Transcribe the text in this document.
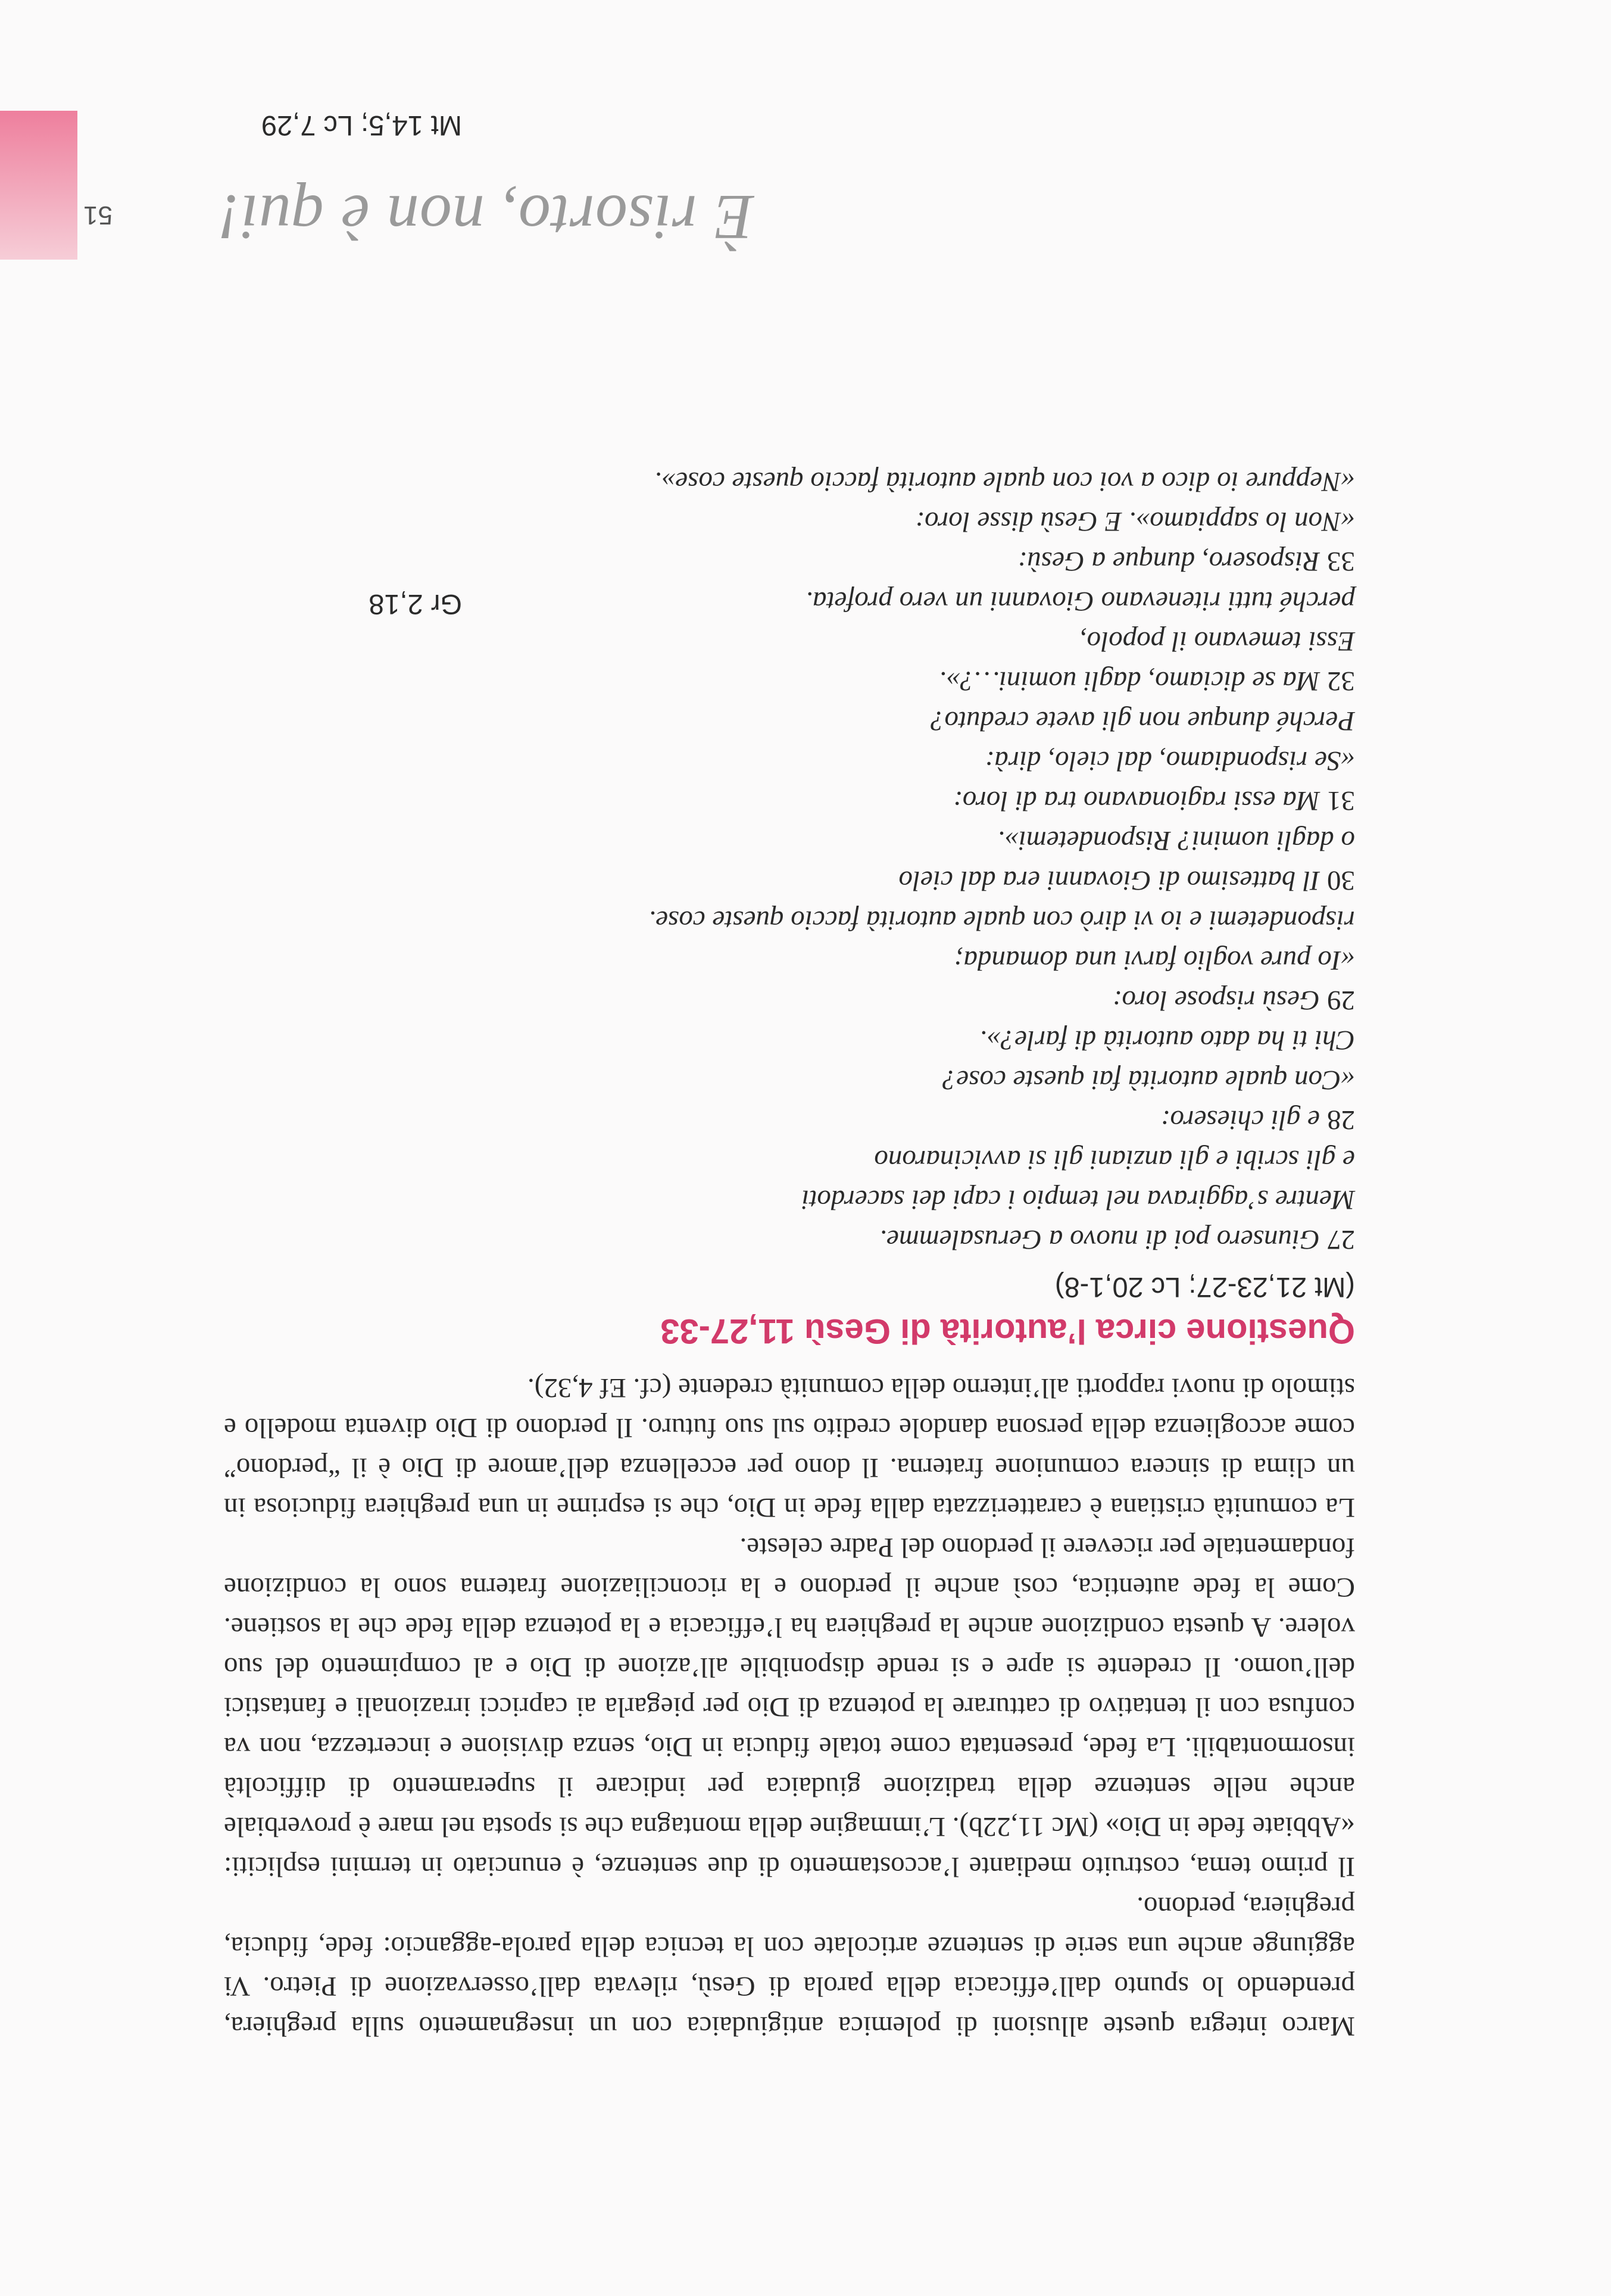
È risorto, non è qui!
51

Marco integra queste allusioni di polemica antigiudaica con un insegnamento sulla preghiera, prendendo lo spunto dall’efficacia della parola di Gesù, rilevata dall’osservazione di Pietro. Vi aggiunge anche una serie di sentenze articolate con la tecnica della parola-aggancio: fede, fiducia, preghiera, perdono.

Il primo tema, costruito mediante l’accostamento di due sentenze, è enunciato in termini espliciti: «Abbiate fede in Dio» (Mc 11,22b). L’immagine della montagna che si sposta nel mare è proverbiale anche nelle sentenze della tradizione giudaica per indicare il superamento di difficoltà insormontabili. La fede, presentata come totale fiducia in Dio, senza divisione e incertezza, non va confusa con il tentativo di catturare la potenza di Dio per piegarla ai capricci irrazionali e fantastici dell’uomo. Il credente si apre e si rende disponibile all’azione di Dio e al compimento del suo volere. A questa condizione anche la preghiera ha l’efficacia e la potenza della fede che la sostiene. Come la fede autentica, così anche il perdono e la riconciliazione fraterna sono la condizione fondamentale per ricevere il perdono del Padre celeste.

La comunità cristiana è caratterizzata dalla fede in Dio, che si esprime in una preghiera fiduciosa in un clima di sincera comunione fraterna. Il dono per eccellenza dell’amore di Dio è il “perdono” come accoglienza della persona dandole credito sul suo futuro. Il perdono di Dio diventa modello e stimolo di nuovi rapporti all’interno della comunità credente (cf. Ef 4,32).

Questione circa l’autorità di Gesù 11,27-33
(Mt 21,23-27; Lc 20,1-8)
Gr 2,18
Mt 14,5; Lc 7,29

27Giunsero poi di nuovo a Gerusalemme.

Mentre s’aggirava nel tempio i capi dei sacerdoti

e gli scribi e gli anziani gli si avvicinarono

28e gli chiesero:

«Con quale autorità fai queste cose?

Chi ti ha dato autorità di farle?».

29Gesù rispose loro:

«Io pure voglio farvi una domanda;

rispondetemi e io vi dirò con quale autorità faccio queste cose.

30Il battesimo di Giovanni era dal cielo

o dagli uomini? Rispondetemi».

31Ma essi ragionavano tra di loro:

«Se rispondiamo, dal cielo, dirà:

Perché dunque non gli avete creduto?

32Ma se diciamo, dagli uomini…?».

Essi temevano il popolo,

perché tutti ritenevano Giovanni un vero profeta.

33Risposero, dunque a Gesù:

«Non lo sappiamo». E Gesù disse loro:

«Neppure io dico a voi con quale autorità faccio queste cose».
